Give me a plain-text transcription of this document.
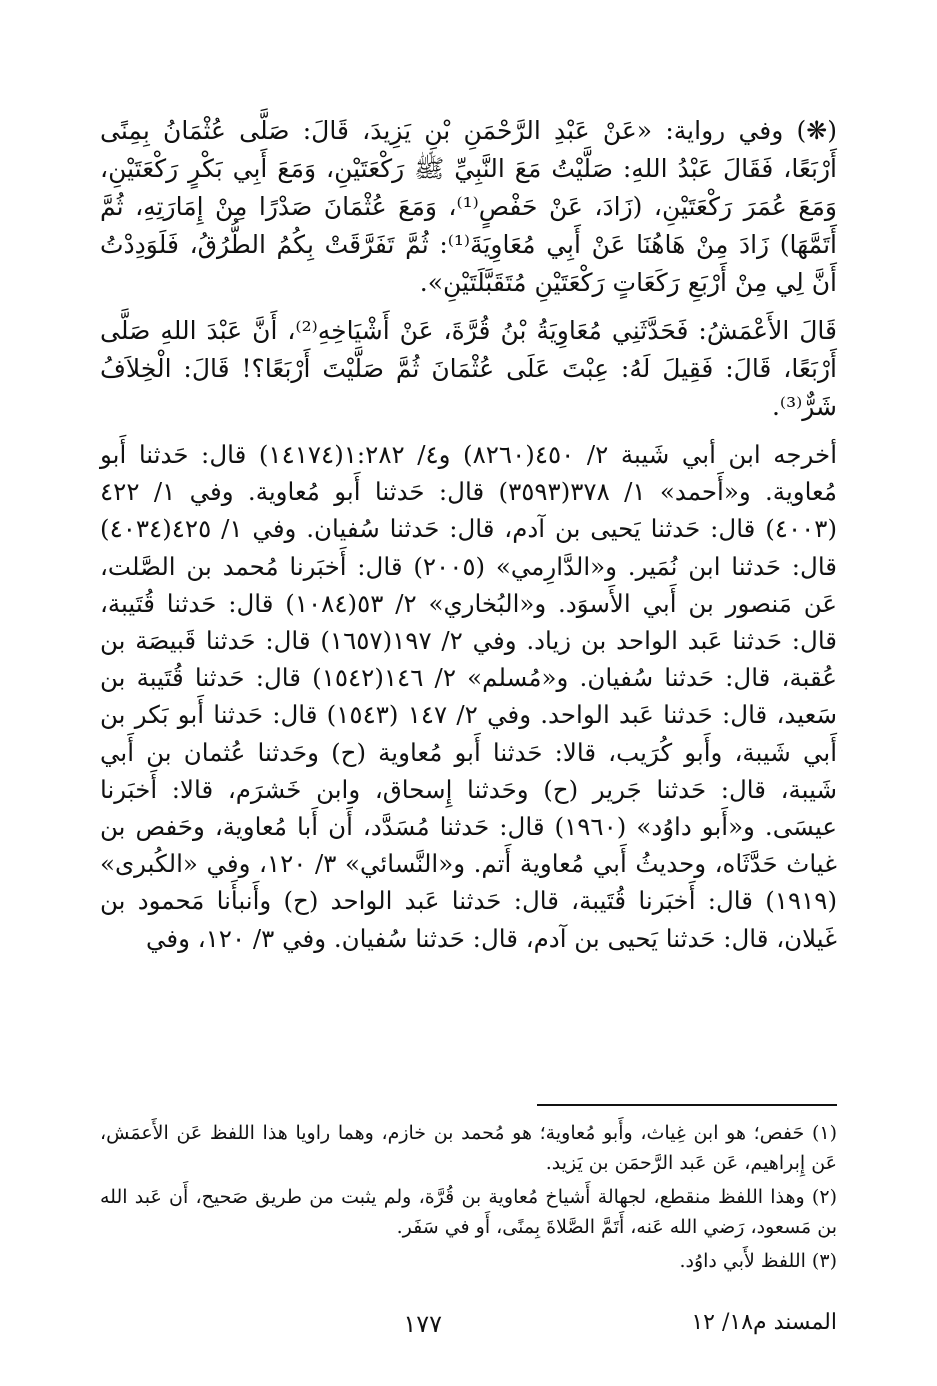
(❋) وفي رواية: «عَنْ عَبْدِ الرَّحْمَنِ بْنِ يَزِيدَ، قَالَ: صَلَّى عُثْمَانُ بِمِنًى أَرْبَعًا، فَقَالَ عَبْدُ اللهِ: صَلَّيْتُ مَعَ النَّبِيِّ ﷺ رَكْعَتَيْنِ، وَمَعَ أَبِي بَكْرٍ رَكْعَتَيْنِ، وَمَعَ عُمَرَ رَكْعَتَيْنِ، (زَادَ، عَنْ حَفْصٍ⁽¹⁾، وَمَعَ عُثْمَانَ صَدْرًا مِنْ إِمَارَتِهِ، ثُمَّ أَتَمَّهَا) زَادَ مِنْ هَاهُنَا عَنْ أَبِي مُعَاوِيَةَ⁽¹⁾: ثُمَّ تَفَرَّقَتْ بِكُمُ الطُّرُقُ، فَلَوَدِدْتُ أَنَّ لِي مِنْ أَرْبَعِ رَكَعَاتٍ رَكْعَتَيْنِ مُتَقَبَّلَتَيْنِ».

قَالَ الأَعْمَشُ: فَحَدَّثَنِي مُعَاوِيَةُ بْنُ قُرَّةَ، عَنْ أَشْيَاخِهِ⁽²⁾، أَنَّ عَبْدَ اللهِ صَلَّى أَرْبَعًا، قَالَ: فَقِيلَ لَهُ: عِبْتَ عَلَى عُثْمَانَ ثُمَّ صَلَّيْتَ أَرْبَعًا؟! قَالَ: الْخِلاَفُ شَرٌّ⁽³⁾.

أخرجه ابن أبي شَيبة ٢/ ٤٥٠(٨٢٦٠) و٤/ ١:٢٨٢(١٤١٧٤) قال: حَدثنا أَبو مُعاوية. و«أَحمد» ١/ ٣٧٨(٣٥٩٣) قال: حَدثنا أَبو مُعاوية. وفي ١/ ٤٢٢ (٤٠٠٣) قال: حَدثنا يَحيى بن آدم، قال: حَدثنا سُفيان. وفي ١/ ٤٢٥(٤٠٣٤) قال: حَدثنا ابن نُمَير. و«الدَّارِمي» (٢٠٠٥) قال: أَخبَرنا مُحمد بن الصَّلت، عَن مَنصور بن أَبي الأَسوَد. و«البُخاري» ٢/ ٥٣(١٠٨٤) قال: حَدثنا قُتَيبة، قال: حَدثنا عَبد الواحد بن زياد. وفي ٢/ ١٩٧(١٦٥٧) قال: حَدثنا قَبيصَة بن عُقبة، قال: حَدثنا سُفيان. و«مُسلم» ٢/ ١٤٦(١٥٤٢) قال: حَدثنا قُتَيبة بن سَعيد، قال: حَدثنا عَبد الواحد. وفي ٢/ ١٤٧ (١٥٤٣) قال: حَدثنا أَبو بَكر بن أَبي شَيبة، وأَبو كُرَيب، قالا: حَدثنا أَبو مُعاوية (ح) وحَدثنا عُثمان بن أَبي شَيبة، قال: حَدثنا جَرير (ح) وحَدثنا إِسحاق، وابن خَشرَم، قالا: أَخبَرنا عيسَى. و«أَبو داوُد» (١٩٦٠) قال: حَدثنا مُسَدَّد، أَن أَبا مُعاوية، وحَفص بن غياث حَدَّثَاه، وحديثُ أَبي مُعاوية أَتم. و«النَّسائي» ٣/ ١٢٠، وفي «الكُبرى» (١٩١٩) قال: أَخبَرنا قُتَيبة، قال: حَدثنا عَبد الواحد (ح) وأَنبأَنا مَحمود بن غَيلان، قال: حَدثنا يَحيى بن آدم، قال: حَدثنا سُفيان. وفي ٣/ ١٢٠، وفي

(١) حَفص؛ هو ابن غِياث، وأَبو مُعاوية؛ هو مُحمد بن خازم، وهما راويا هذا اللفظ عَن الأَعمَش، عَن إِبراهيم، عَن عَبد الرَّحمَن بن يَزيد.

(٢) وهذا اللفظ منقطع، لجهالة أَشياخ مُعاوية بن قُرَّة، ولم يثبت من طريق صَحيح، أَن عَبد الله بن مَسعود، رَضي الله عَنه، أَتَمَّ الصَّلاةَ بِمنًى، أَو في سَفَر.

(٣) اللفظ لأَبي داوُد.

المسند م١٨/ ١٢
١٧٧
